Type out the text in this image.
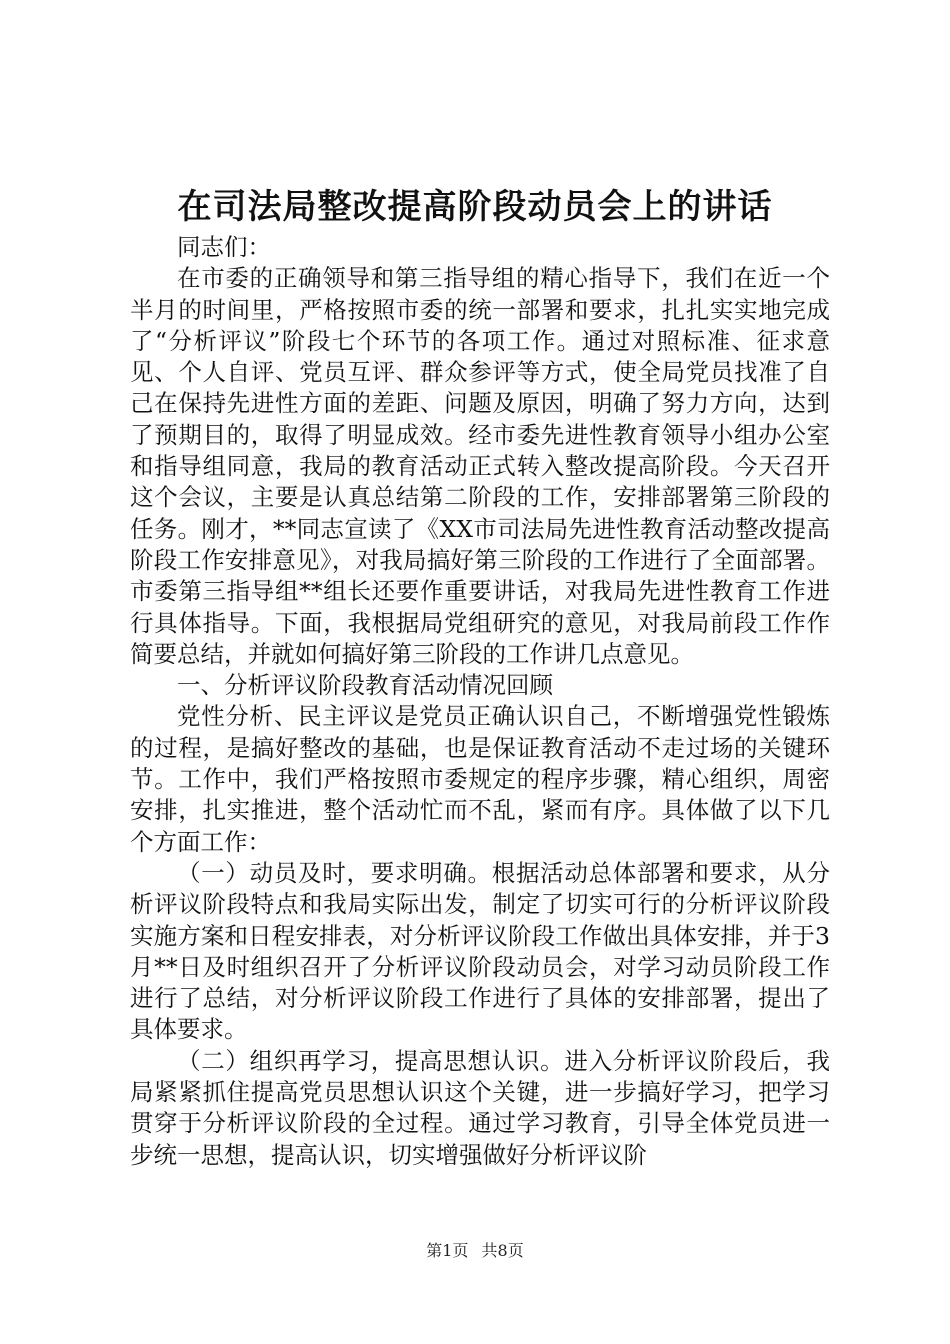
在司法局整改提高阶段动员会上的讲话

同志们：

在市委的正确领导和第三指导组的精心指导下，我们在近一个半月的时间里，严格按照市委的统一部署和要求，扎扎实实地完成了“分析评议”阶段七个环节的各项工作。通过对照标准、征求意见、个人自评、党员互评、群众参评等方式，使全局党员找准了自己在保持先进性方面的差距、问题及原因，明确了努力方向，达到了预期目的，取得了明显成效。经市委先进性教育领导小组办公室和指导组同意，我局的教育活动正式转入整改提高阶段。今天召开这个会议，主要是认真总结第二阶段的工作，安排部署第三阶段的任务。刚才，**同志宣读了《XX市司法局先进性教育活动整改提高阶段工作安排意见》，对我局搞好第三阶段的工作进行了全面部署。市委第三指导组**组长还要作重要讲话，对我局先进性教育工作进行具体指导。下面，我根据局党组研究的意见，对我局前段工作作简要总结，并就如何搞好第三阶段的工作讲几点意见。

一、分析评议阶段教育活动情况回顾

党性分析、民主评议是党员正确认识自己，不断增强党性锻炼的过程，是搞好整改的基础，也是保证教育活动不走过场的关键环节。工作中，我们严格按照市委规定的程序步骤，精心组织，周密安排，扎实推进，整个活动忙而不乱，紧而有序。具体做了以下几个方面工作：

（一）动员及时，要求明确。根据活动总体部署和要求，从分析评议阶段特点和我局实际出发，制定了切实可行的分析评议阶段实施方案和日程安排表，对分析评议阶段工作做出具体安排，并于3月**日及时组织召开了分析评议阶段动员会，对学习动员阶段工作进行了总结，对分析评议阶段工作进行了具体的安排部署，提出了具体要求。

（二）组织再学习，提高思想认识。进入分析评议阶段后，我局紧紧抓住提高党员思想认识这个关键，进一步搞好学习，把学习贯穿于分析评议阶段的全过程。通过学习教育，引导全体党员进一步统一思想，提高认识，切实增强做好分析评议阶

第1页 共8页
